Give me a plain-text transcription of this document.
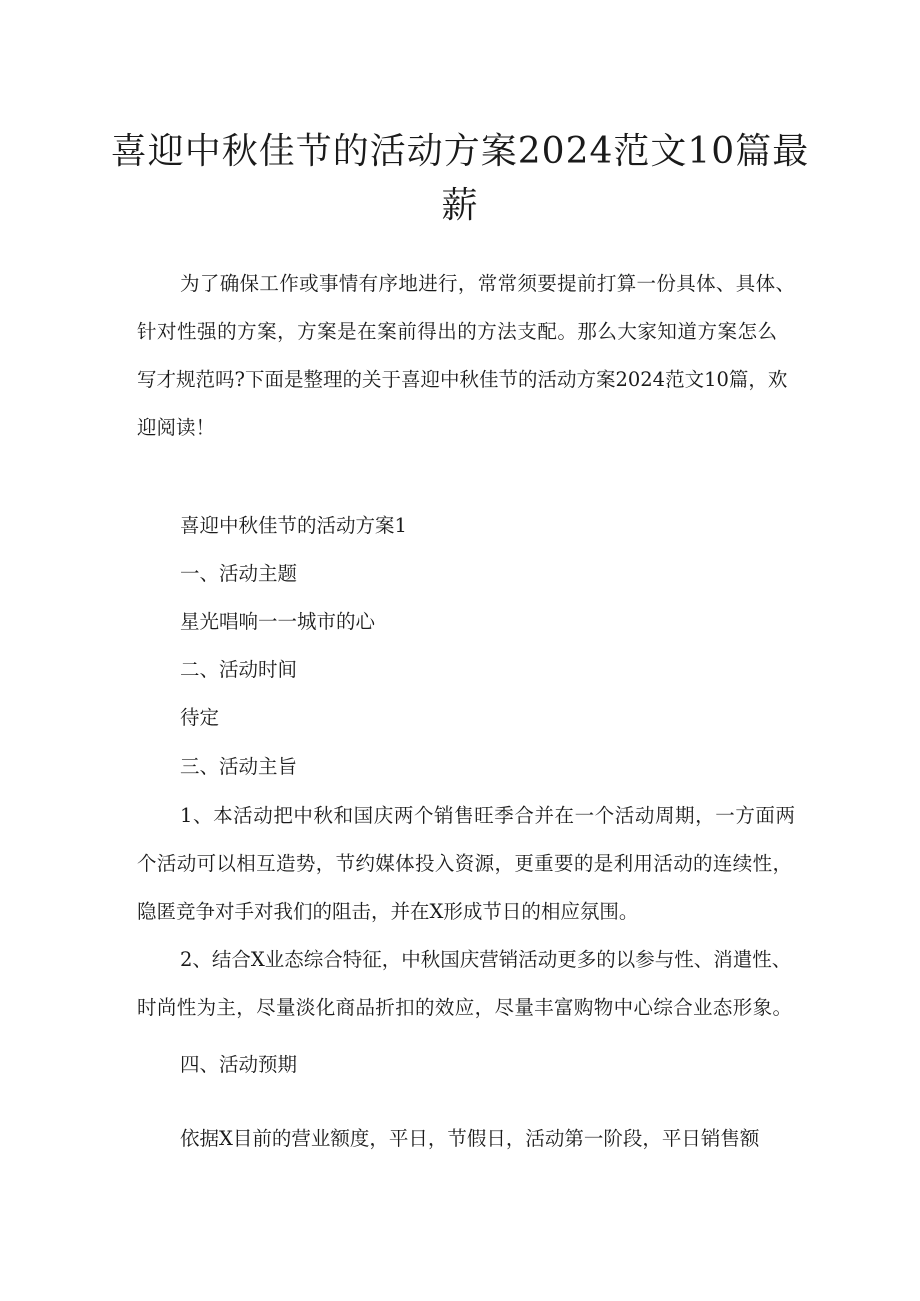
喜迎中秋佳节的活动方案2024范文10篇最
薪

为了确保工作或事情有序地进行，常常须要提前打算一份具体、具体、

针对性强的方案，方案是在案前得出的方法支配。那么大家知道方案怎么

写才规范吗?下面是整理的关于喜迎中秋佳节的活动方案2024范文10篇，欢

迎阅读！

喜迎中秋佳节的活动方案1

一、活动主题

星光唱响一一城市的心

二、活动时间

待定

三、活动主旨

1、本活动把中秋和国庆两个销售旺季合并在一个活动周期，一方面两

个活动可以相互造势，节约媒体投入资源，更重要的是利用活动的连续性，

隐匿竞争对手对我们的阻击，并在X形成节日的相应氛围。

2、结合X业态综合特征，中秋国庆营销活动更多的以参与性、消遣性、

时尚性为主，尽量淡化商品折扣的效应，尽量丰富购物中心综合业态形象。

四、活动预期

依据X目前的营业额度，平日，节假日，活动第一阶段，平日销售额
